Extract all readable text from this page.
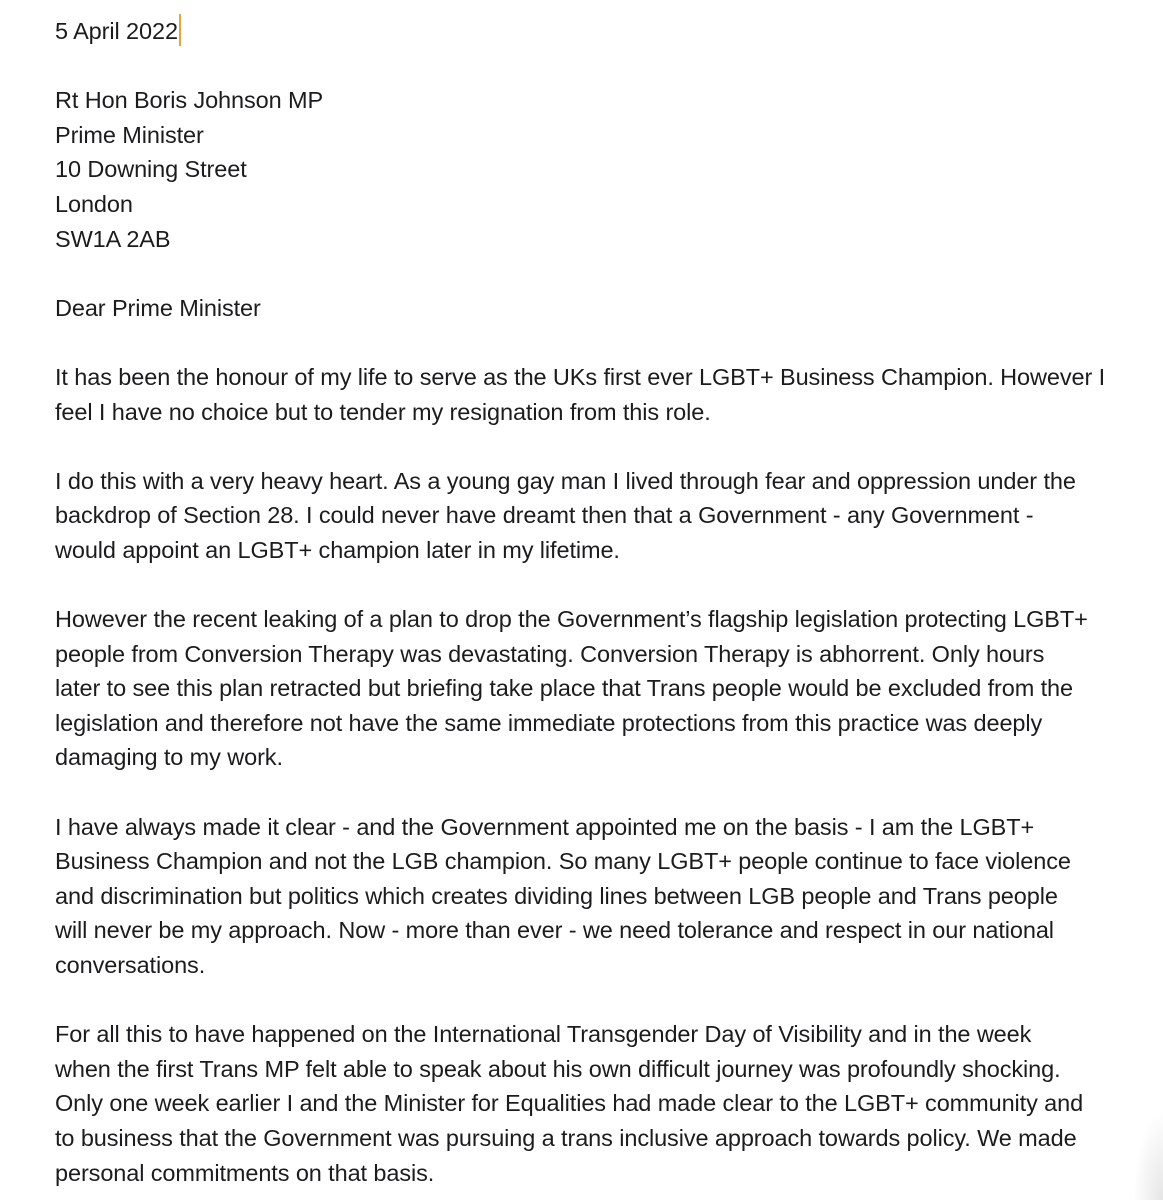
5 April 2022
Rt Hon Boris Johnson MP
Prime Minister
10 Downing Street
London
SW1A 2AB
Dear Prime Minister
It has been the honour of my life to serve as the UKs first ever LGBT+ Business Champion. However I
feel I have no choice but to tender my resignation from this role.
I do this with a very heavy heart. As a young gay man I lived through fear and oppression under the
backdrop of Section 28. I could never have dreamt then that a Government - any Government -
would appoint an LGBT+ champion later in my lifetime.
However the recent leaking of a plan to drop the Government’s flagship legislation protecting LGBT+
people from Conversion Therapy was devastating. Conversion Therapy is abhorrent. Only hours
later to see this plan retracted but briefing take place that Trans people would be excluded from the
legislation and therefore not have the same immediate protections from this practice was deeply
damaging to my work.
I have always made it clear - and the Government appointed me on the basis - I am the LGBT+
Business Champion and not the LGB champion. So many LGBT+ people continue to face violence
and discrimination but politics which creates dividing lines between LGB people and Trans people
will never be my approach. Now - more than ever - we need tolerance and respect in our national
conversations.
For all this to have happened on the International Transgender Day of Visibility and in the week
when the first Trans MP felt able to speak about his own difficult journey was profoundly shocking.
Only one week earlier I and the Minister for Equalities had made clear to the LGBT+ community and
to business that the Government was pursuing a trans inclusive approach towards policy. We made
personal commitments on that basis.
